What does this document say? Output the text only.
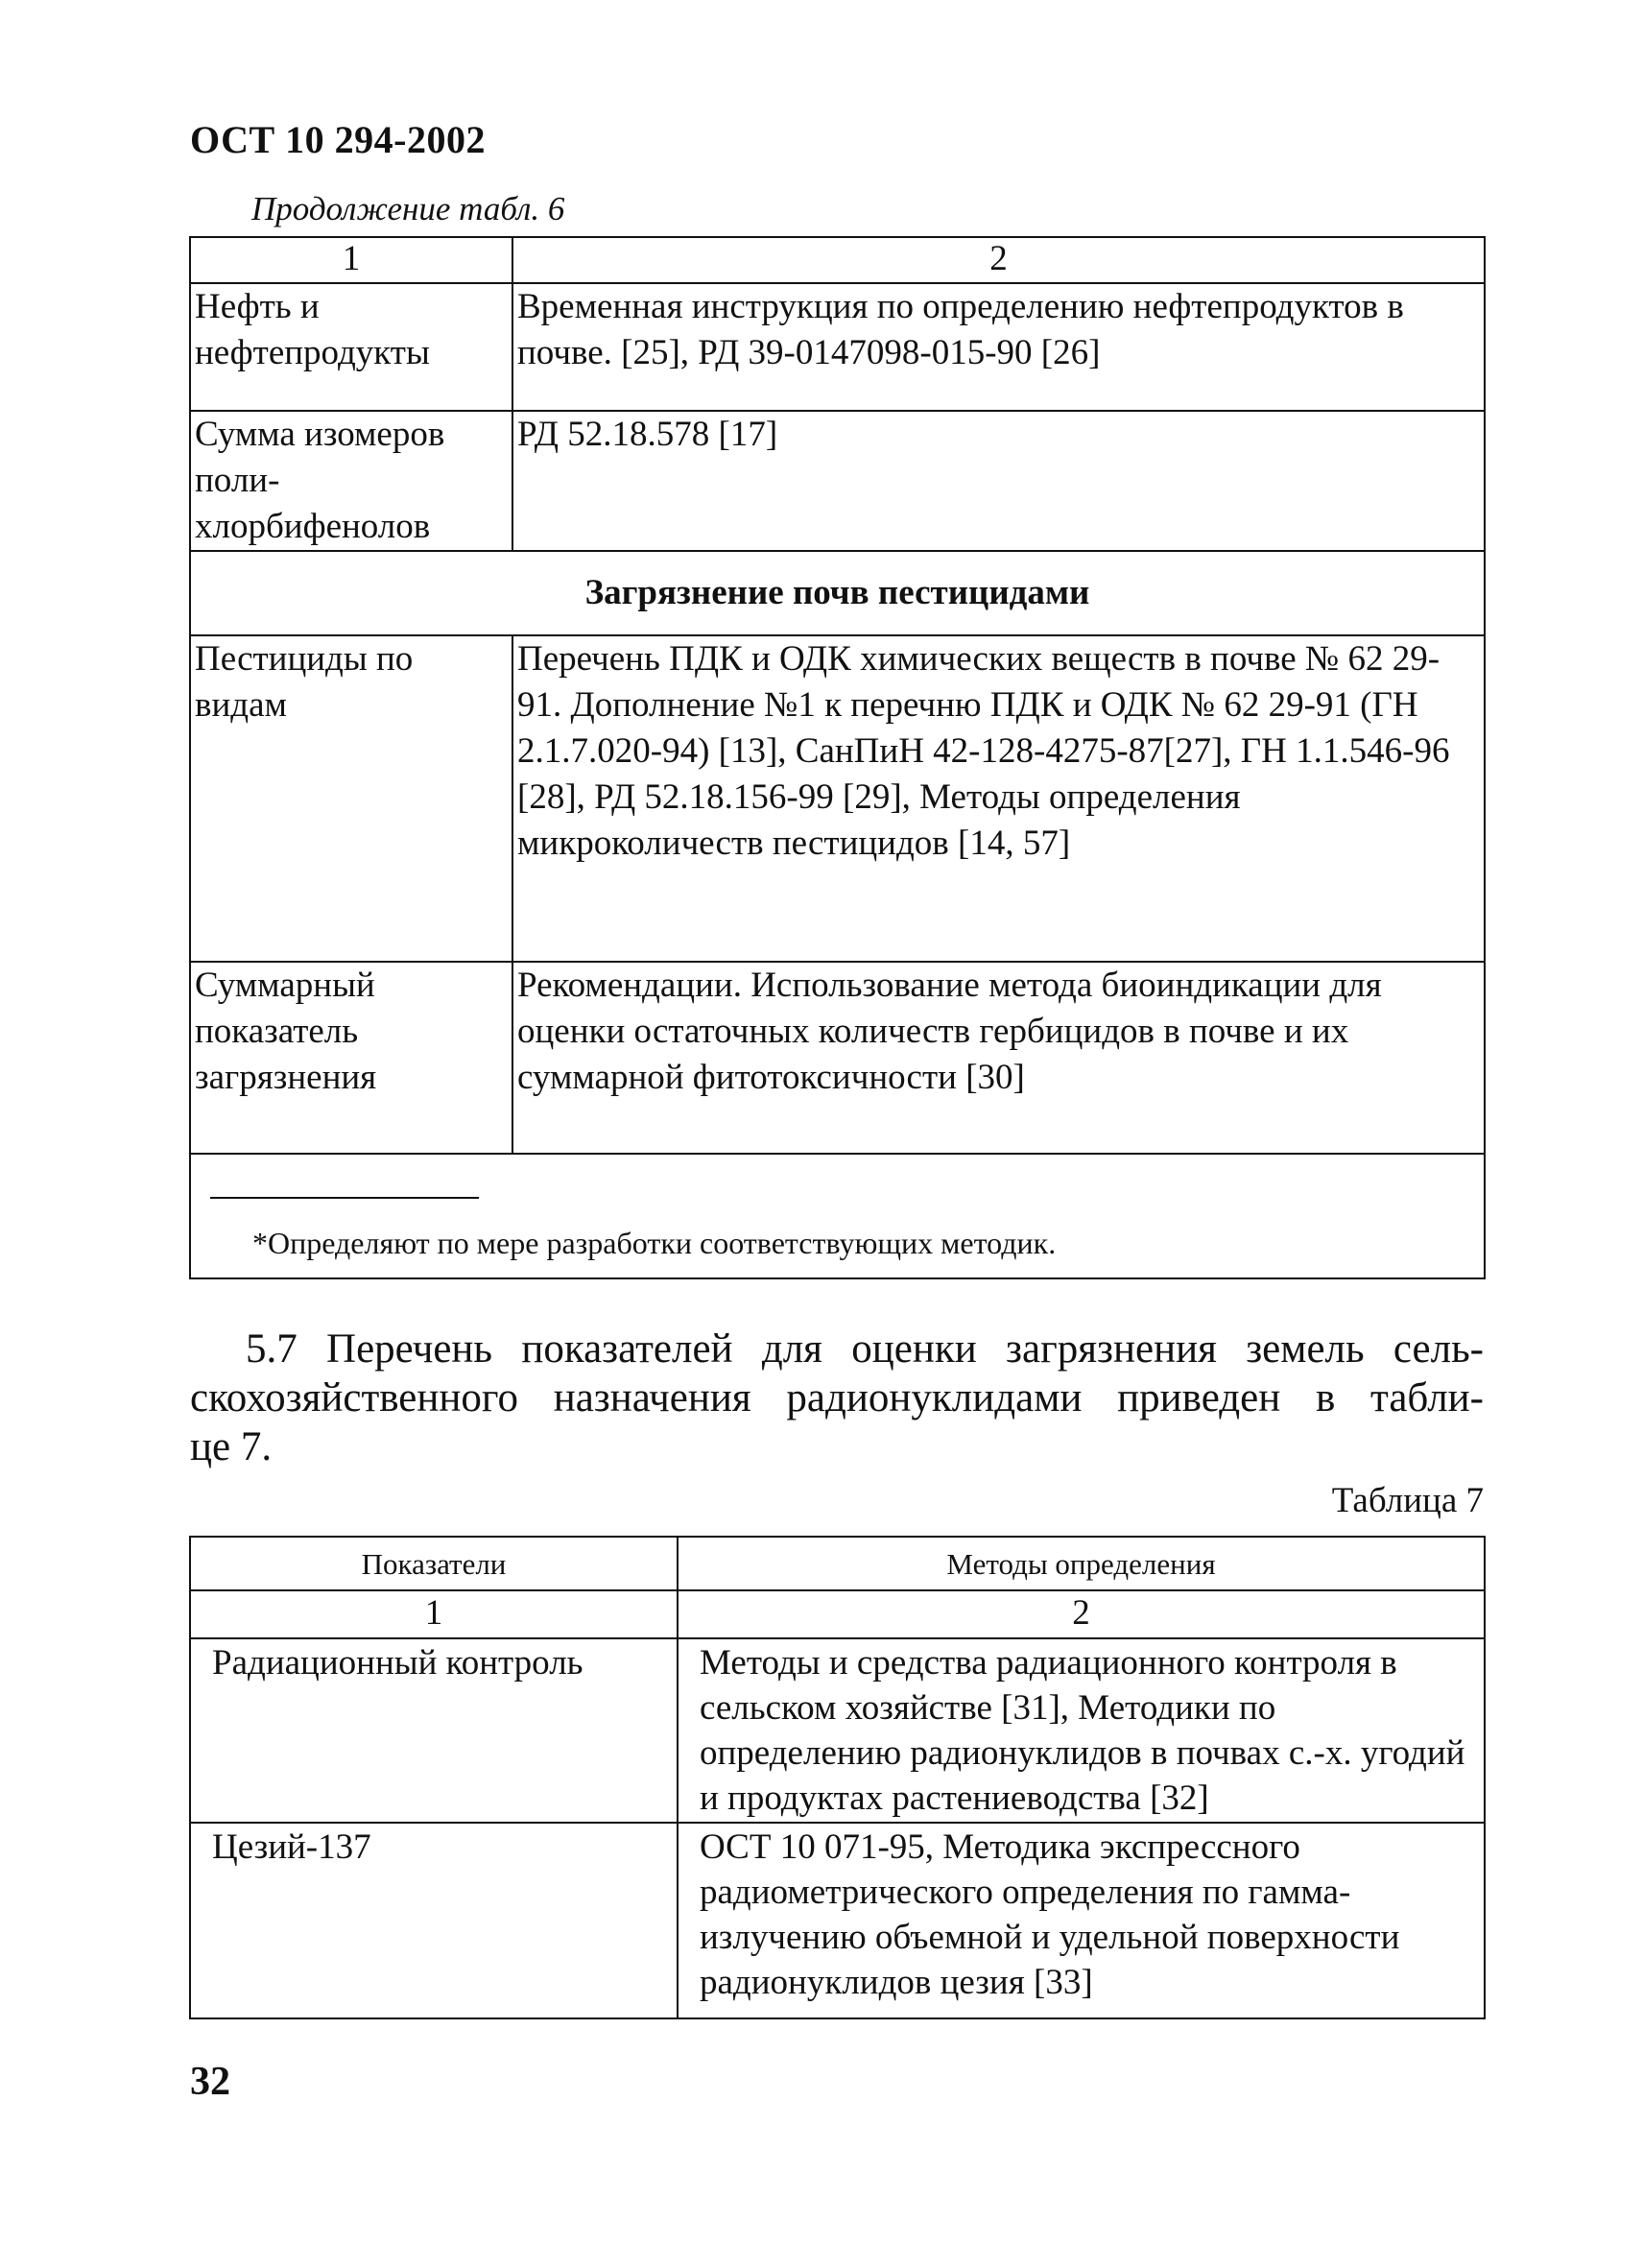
ОСТ 10 294-2002
Продолжение табл. 6
1	2
Нефть и нефтепродукты	Временная инструкция по определению нефтепродуктов в почве. [25], РД 39-0147098-015-90 [26]
Сумма изомеров поли-хлорбифенолов	РД 52.18.578 [17]
Загрязнение почв пестицидами	
Пестициды по видам	Перечень ПДК и ОДК химических веществ в почве № 62 29-91. Дополнение №1 к перечню ПДК и ОДК № 62 29-91 (ГН 2.1.7.020-94) [13], СанПиН 42-128-4275-87[27], ГН 1.1.546-96 [28], РД 52.18.156-99 [29], Методы определения микроколичеств пестицидов [14, 57]
Суммарный показатель загрязнения	Рекомендации. Использование метода биоиндикации для оценки остаточных количеств гербицидов в почве и их суммарной фитотоксичности [30]

*Определяют по мере разработки соответствующих методик.	
5.7 Перечень показателей для оценки загрязнения земель сель-
скохозяйственного назначения радионуклидами приведен в табли-
це 7.
Таблица 7
Показатели	Методы определения
1	2
Радиационный контроль	Методы и средства радиационного контроля в сельском хозяйстве [31], Методики по определению радионуклидов в почвах с.-х. угодий и продуктах растениеводства [32]
Цезий-137	ОСТ 10 071-95, Методика экспрессного радиометрического определения по гамма-излучению объемной и удельной поверхности радионуклидов цезия [33]
32
